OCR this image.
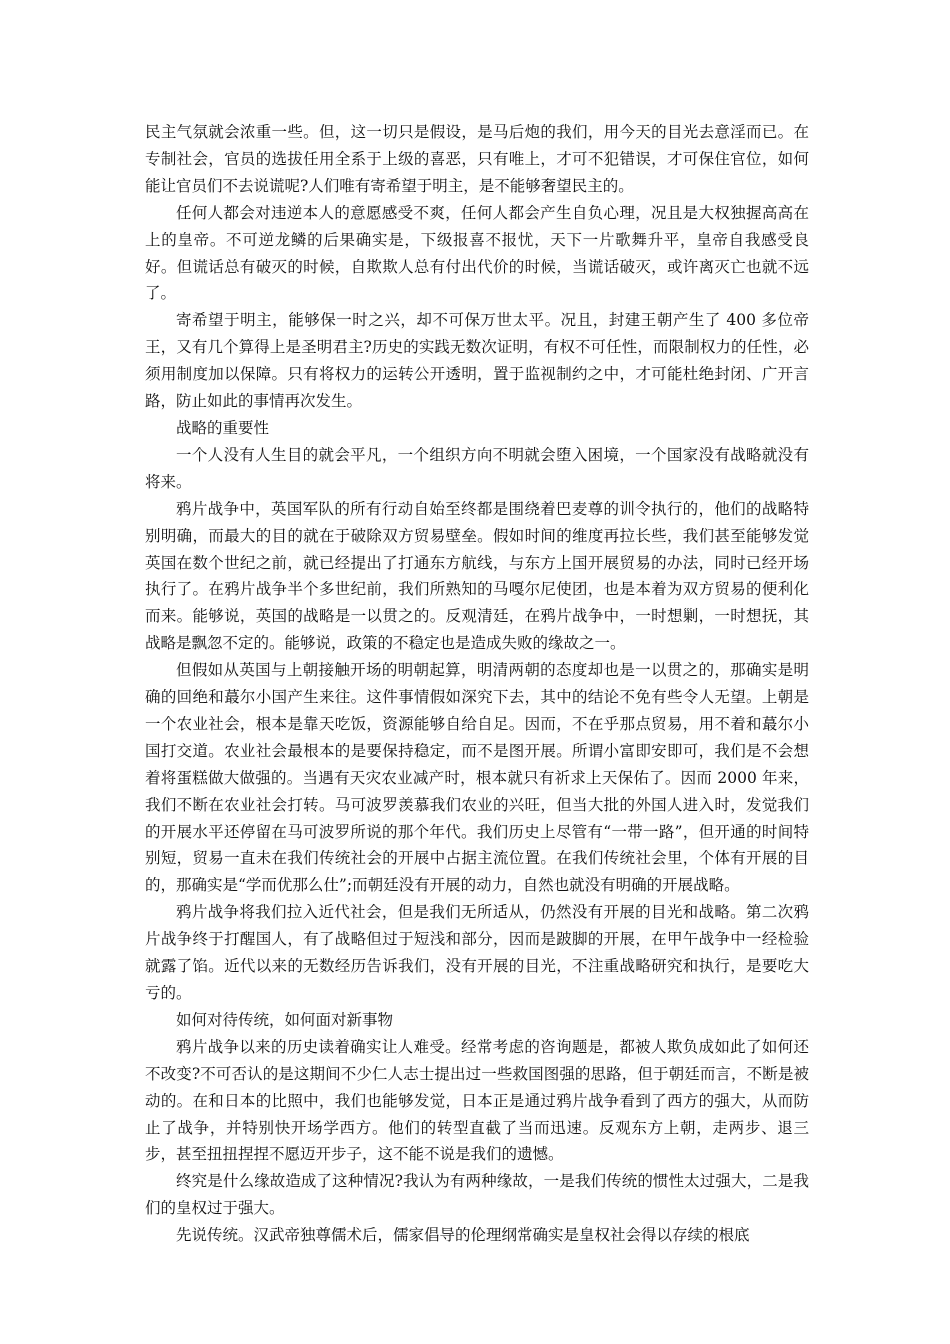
民主气氛就会浓重一些。但，这一切只是假设，是马后炮的我们，用今天的目光去意淫而已。在专制社会，官员的选拔任用全系于上级的喜恶，只有唯上，才可不犯错误，才可保住官位，如何能让官员们不去说谎呢?人们唯有寄希望于明主，是不能够奢望民主的。

任何人都会对违逆本人的意愿感受不爽，任何人都会产生自负心理，况且是大权独握高高在上的皇帝。不可逆龙鳞的后果确实是，下级报喜不报忧，天下一片歌舞升平，皇帝自我感受良好。但谎话总有破灭的时候，自欺欺人总有付出代价的时候，当谎话破灭，或许离灭亡也就不远了。

寄希望于明主，能够保一时之兴，却不可保万世太平。况且，封建王朝产生了 400 多位帝王，又有几个算得上是圣明君主?历史的实践无数次证明，有权不可任性，而限制权力的任性，必须用制度加以保障。只有将权力的运转公开透明，置于监视制约之中，才可能杜绝封闭、广开言路，防止如此的事情再次发生。

战略的重要性

一个人没有人生目的就会平凡，一个组织方向不明就会堕入困境，一个国家没有战略就没有将来。

鸦片战争中，英国军队的所有行动自始至终都是围绕着巴麦尊的训令执行的，他们的战略特别明确，而最大的目的就在于破除双方贸易壁垒。假如时间的维度再拉长些，我们甚至能够发觉英国在数个世纪之前，就已经提出了打通东方航线，与东方上国开展贸易的办法，同时已经开场执行了。在鸦片战争半个多世纪前，我们所熟知的马嘎尔尼使团，也是本着为双方贸易的便利化而来。能够说，英国的战略是一以贯之的。反观清廷，在鸦片战争中，一时想剿，一时想抚，其战略是飘忽不定的。能够说，政策的不稳定也是造成失败的缘故之一。

但假如从英国与上朝接触开场的明朝起算，明清两朝的态度却也是一以贯之的，那确实是明确的回绝和蕞尔小国产生来往。这件事情假如深究下去，其中的结论不免有些令人无望。上朝是一个农业社会，根本是靠天吃饭，资源能够自给自足。因而，不在乎那点贸易，用不着和蕞尔小国打交道。农业社会最根本的是要保持稳定，而不是图开展。所谓小富即安即可，我们是不会想着将蛋糕做大做强的。当遇有天灾农业减产时，根本就只有祈求上天保佑了。因而 2000 年来，我们不断在农业社会打转。马可波罗羡慕我们农业的兴旺，但当大批的外国人进入时，发觉我们的开展水平还停留在马可波罗所说的那个年代。我们历史上尽管有“一带一路”，但开通的时间特别短，贸易一直未在我们传统社会的开展中占据主流位置。在我们传统社会里，个体有开展的目的，那确实是“学而优那么仕”;而朝廷没有开展的动力，自然也就没有明确的开展战略。

鸦片战争将我们拉入近代社会，但是我们无所适从，仍然没有开展的目光和战略。第二次鸦片战争终于打醒国人，有了战略但过于短浅和部分，因而是跛脚的开展，在甲午战争中一经检验就露了馅。近代以来的无数经历告诉我们，没有开展的目光，不注重战略研究和执行，是要吃大亏的。

如何对待传统，如何面对新事物

鸦片战争以来的历史读着确实让人难受。经常考虑的咨询题是，都被人欺负成如此了如何还不改变?不可否认的是这期间不少仁人志士提出过一些救国图强的思路，但于朝廷而言，不断是被动的。在和日本的比照中，我们也能够发觉，日本正是通过鸦片战争看到了西方的强大，从而防止了战争，并特别快开场学西方。他们的转型直截了当而迅速。反观东方上朝，走两步、退三步，甚至扭扭捏捏不愿迈开步子，这不能不说是我们的遗憾。

终究是什么缘故造成了这种情况?我认为有两种缘故，一是我们传统的惯性太过强大，二是我们的皇权过于强大。

先说传统。汉武帝独尊儒术后，儒家倡导的伦理纲常确实是皇权社会得以存续的根底
